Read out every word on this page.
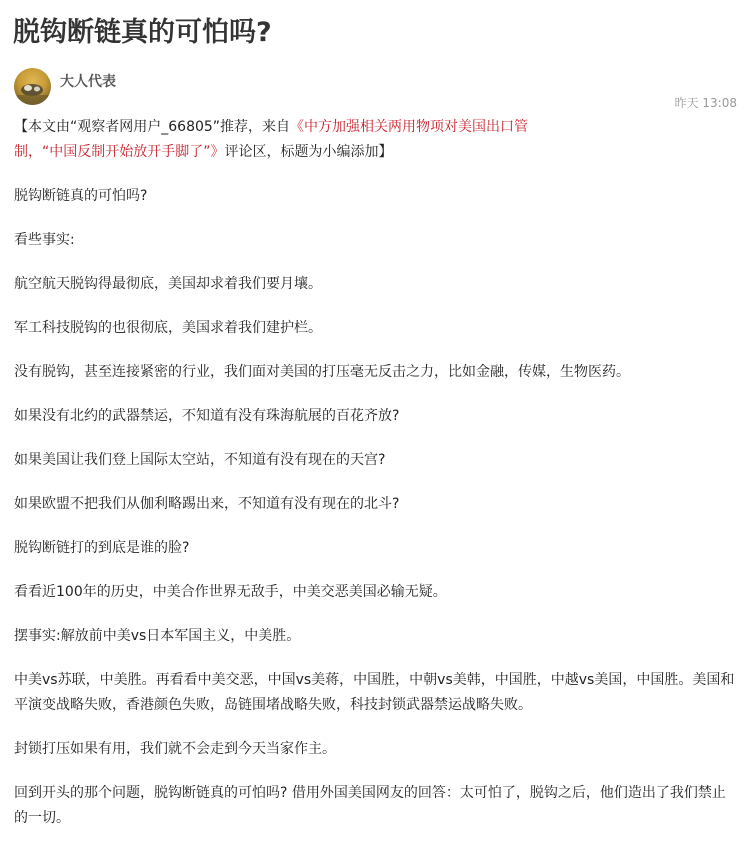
脱钩断链真的可怕吗?
大人代表
昨天 13:08

【本文由“观察者网用户_66805”推荐，来自《中方加强相关两用物项对美国出口管制，“中国反制开始放开手脚了”》评论区，标题为小编添加】

脱钩断链真的可怕吗?

看些事实:

航空航天脱钩得最彻底，美国却求着我们要月壤。

军工科技脱钩的也很彻底，美国求着我们建护栏。

没有脱钩，甚至连接紧密的行业，我们面对美国的打压毫无反击之力，比如金融，传媒，生物医药。

如果没有北约的武器禁运，不知道有没有珠海航展的百花齐放?

如果美国让我们登上国际太空站，不知道有没有现在的天宫?

如果欧盟不把我们从伽利略踢出来，不知道有没有现在的北斗?

脱钩断链打的到底是谁的脸?

看看近100年的历史，中美合作世界无敌手，中美交恶美国必输无疑。

摆事实:解放前中美vs日本军国主义，中美胜。

中美vs苏联，中美胜。再看看中美交恶，中国vs美蒋，中国胜，中朝vs美韩，中国胜，中越vs美国，中国胜。美国和平演变战略失败，香港颜色失败，岛链围堵战略失败，科技封锁武器禁运战略失败。

封锁打压如果有用，我们就不会走到今天当家作主。

回到开头的那个问题，脱钩断链真的可怕吗? 借用外国美国网友的回答：太可怕了，脱钩之后，他们造出了我们禁止的一切。
